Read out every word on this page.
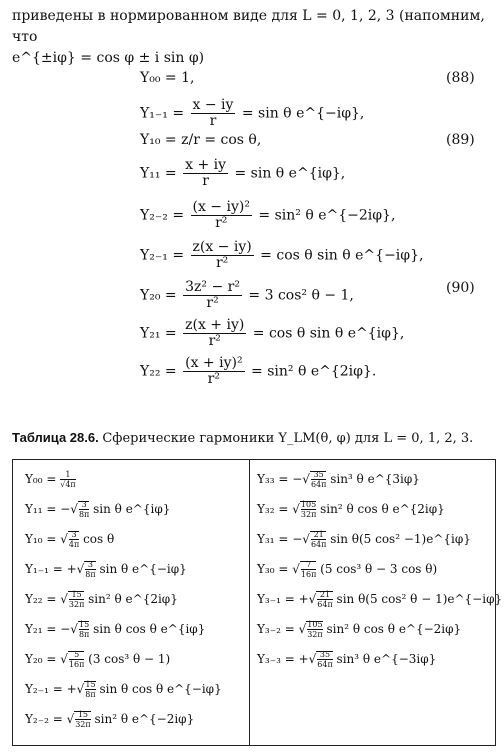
приведены в нормированном виде для L = 0, 1, 2, 3 (напомним, что
e^{±iφ} = cos φ ± i sin φ)
Y₀₀ = 1,	(88)
$Y_{1-1} = \frac{x - iy}{r} = \sin \theta$ e^{−iφ},
Y₁₀ = z/r = cos θ,	(89)
$Y_{11} = \frac{x + iy}{r} = \sin \theta$ e^{iφ},
$Y_{2-2} = \frac{\text{(x − iy)²}}{\text{r²}} = \sin^2$ θ e^{−2iφ},
$Y_{2-1} = \frac{z(x - iy)}{\text{r²}} = \cos \theta$ sin θ e^{−iφ},
$Y_{20} = \frac{\text{3z² − r²}}{\text{r²}} = 3$ cos² θ − 1,	(90)
$Y_{21} = \frac{z(x + iy)}{\text{r²}} = \cos \theta$ sin θ e^{iφ},
$Y_{22} = \frac{\text{(x + iy)²}}{\text{r²}} = \sin^2$ θ e^{2iφ}.
Таблица 28.6. Сферические гармоники Y_LM(θ, φ) для L = 0, 1, 2, 3.
$Y_{00} = \frac{1}{√4\pi}$
Y₁₁ = −√ $\frac{3}{8\pi}$ sin θ e^{iφ}
Y₁₀ = √ $\frac{3}{4\pi}$ cos θ
Y₁₋₁ = +√ $\frac{3}{8\pi}$ sin θ e^{−iφ}
Y₂₂ = √ $\frac{15}{32\pi} \sin^2$ θ e^{2iφ}
Y₂₁ = −√ $\frac{15}{8\pi}$ sin θ cos θ e^{iφ}
Y₂₀ = √ $\frac{5}{16\pi} (3$ cos³ θ − 1)
Y₂₋₁ = +√ $\frac{15}{8\pi}$ sin θ cos θ e^{−iφ}
Y₂₋₂ = √ $\frac{15}{32\pi} \sin^2$ θ e^{−2iφ}
Y₃₃ = −√ $\frac{35}{64\pi} \sin^3$ θ e^{3iφ}
Y₃₂ = √ $\frac{105}{32\pi} \sin^2$ θ cos θ e^{2iφ}
Y₃₁ = −√ $\frac{21}{64\pi}$ sin θ(5 cos² −1)e^{iφ}
Y₃₀ = √ $\frac{7}{16\pi} (5$ cos³ θ − 3 cos θ)
Y₃₋₁ = +√ $\frac{21}{64\pi}$ sin θ(5 cos² θ − 1)e^{−iφ}
Y₃₋₂ = √ $\frac{105}{32\pi} \sin^2$ θ cos θ e^{−2iφ}
Y₃₋₃ = +√ $\frac{35}{64\pi} \sin^3$ θ e^{−3iφ}
